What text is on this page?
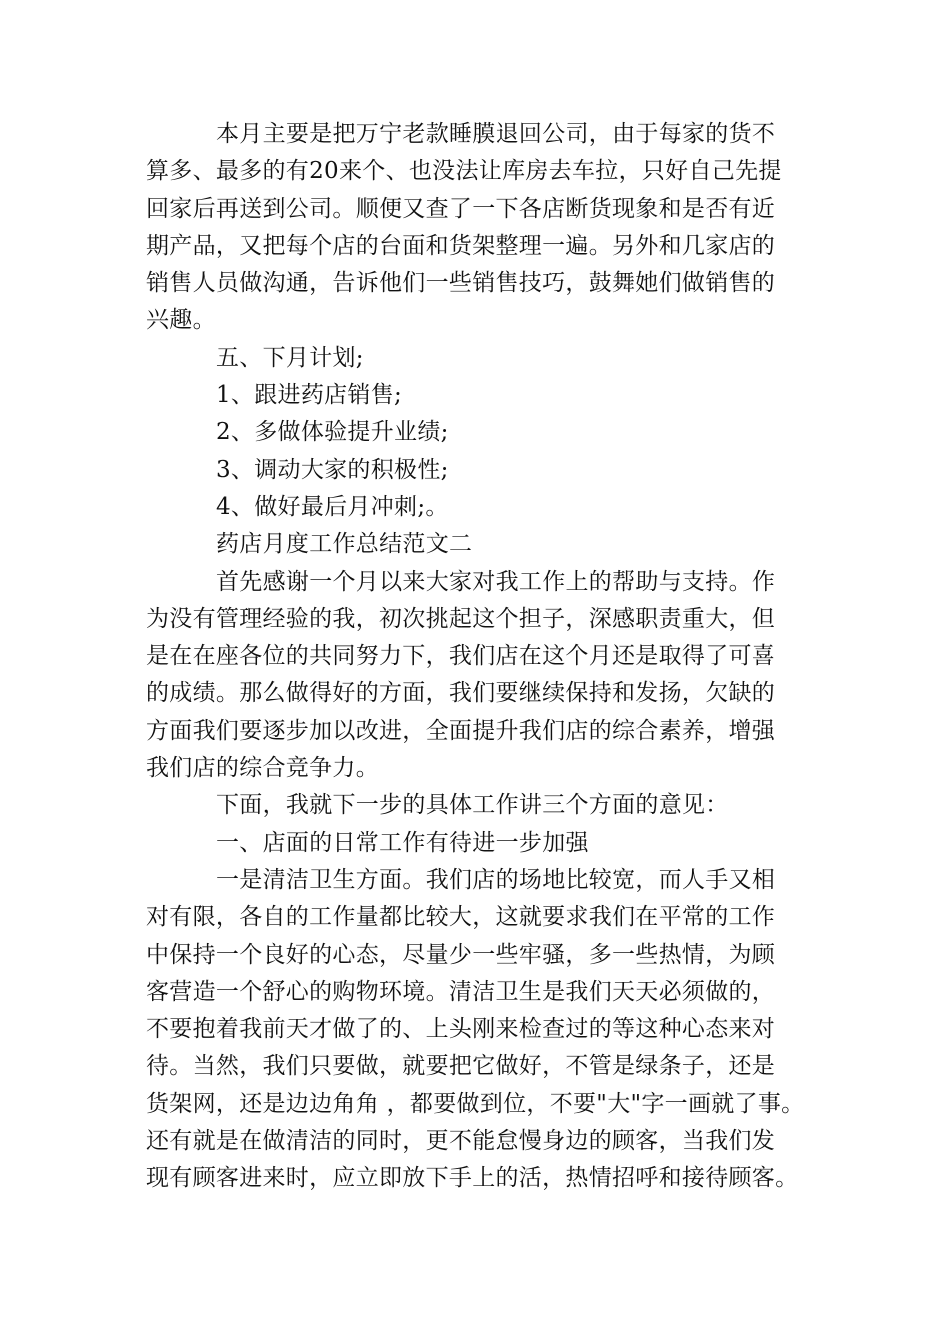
本月主要是把万宁老款睡膜退回公司，由于每家的货不
算多、最多的有20来个、也没法让库房去车拉，只好自己先提
回家后再送到公司。顺便又查了一下各店断货现象和是否有近
期产品，又把每个店的台面和货架整理一遍。另外和几家店的
销售人员做沟通，告诉他们一些销售技巧，鼓舞她们做销售的
兴趣。
五、下月计划;
1、跟进药店销售;
2、多做体验提升业绩;
3、调动大家的积极性;
4、做好最后月冲刺;。
药店月度工作总结范文二
首先感谢一个月以来大家对我工作上的帮助与支持。作
为没有管理经验的我，初次挑起这个担子，深感职责重大，但
是在在座各位的共同努力下，我们店在这个月还是取得了可喜
的成绩。那么做得好的方面，我们要继续保持和发扬，欠缺的
方面我们要逐步加以改进，全面提升我们店的综合素养，增强
我们店的综合竞争力。
下面，我就下一步的具体工作讲三个方面的意见：
一、店面的日常工作有待进一步加强
一是清洁卫生方面。我们店的场地比较宽，而人手又相
对有限，各自的工作量都比较大，这就要求我们在平常的工作
中保持一个良好的心态，尽量少一些牢骚，多一些热情，为顾
客营造一个舒心的购物环境。清洁卫生是我们天天必须做的，
不要抱着我前天才做了的、上头刚来检查过的等这种心态来对
待。当然，我们只要做，就要把它做好，不管是绿条子，还是
货架网，还是边边角角 ，都要做到位，不要"大"字一画就了事。
还有就是在做清洁的同时，更不能怠慢身边的顾客，当我们发
现有顾客进来时，应立即放下手上的活，热情招呼和接待顾客。
